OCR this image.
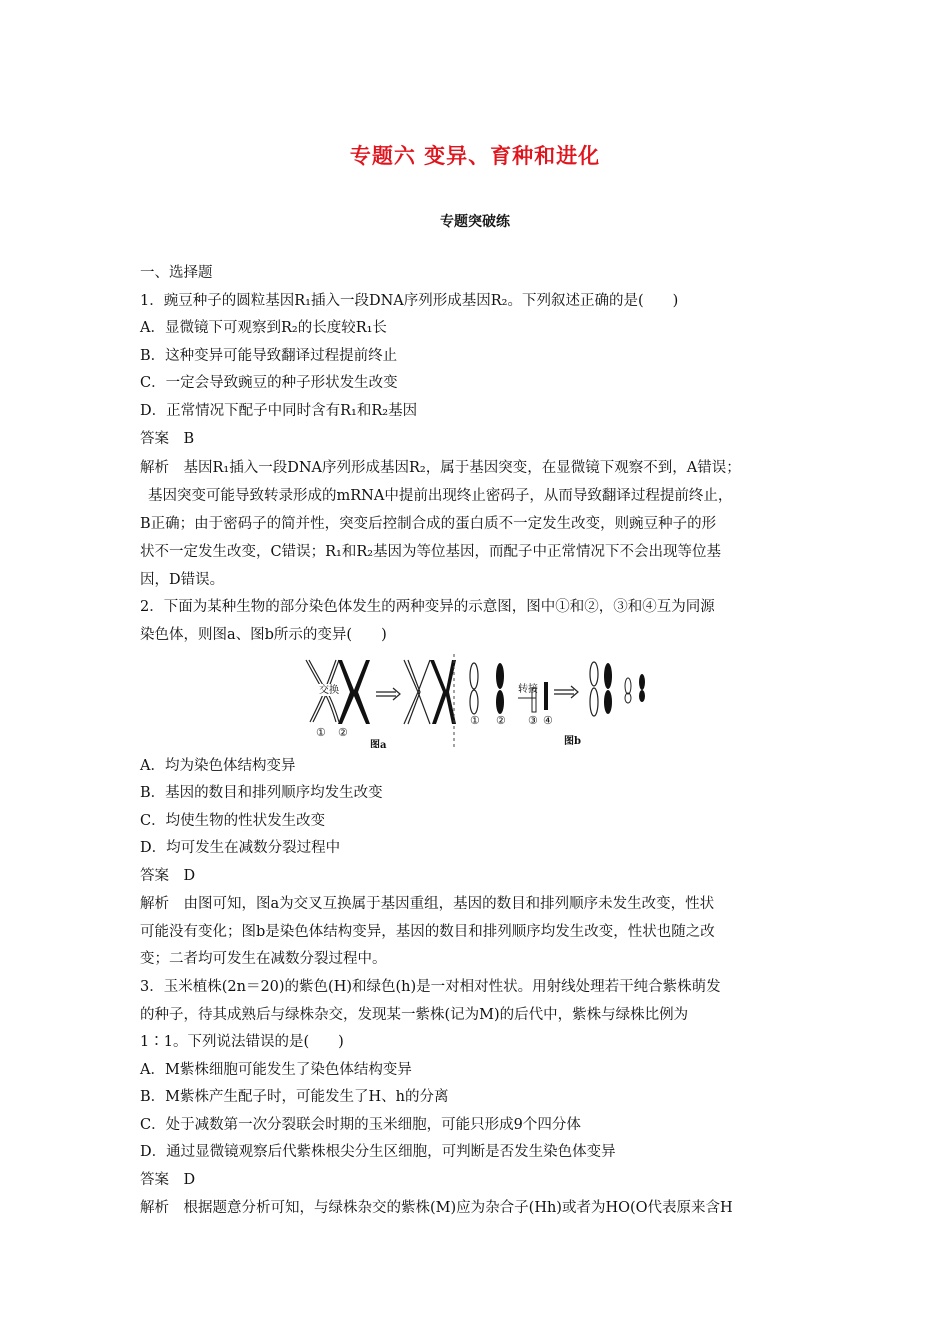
专题六 变异、育种和进化
专题突破练
一、选择题
1．豌豆种子的圆粒基因R₁插入一段DNA序列形成基因R₂。下列叙述正确的是(　　)
A．显微镜下可观察到R₂的长度较R₁长
B．这种变异可能导致翻译过程提前终止
C．一定会导致豌豆的种子形状发生改变
D．正常情况下配子中同时含有R₁和R₂基因
答案　B
解析　基因R₁插入一段DNA序列形成基因R₂，属于基因突变，在显微镜下观察不到，A错误；
基因突变可能导致转录形成的mRNA中提前出现终止密码子，从而导致翻译过程提前终止，
B正确；由于密码子的简并性，突变后控制合成的蛋白质不一定发生改变，则豌豆种子的形
状不一定发生改变，C错误；R₁和R₂基因为等位基因，而配子中正常情况下不会出现等位基
因，D错误。
2．下面为某种生物的部分染色体发生的两种变异的示意图，图中①和②，③和④互为同源
染色体，则图a、图b所示的变异(　　)
交换
① ②
图a
转接
① ② ③ ④
图b
A．均为染色体结构变异
B．基因的数目和排列顺序均发生改变
C．均使生物的性状发生改变
D．均可发生在减数分裂过程中
答案　D
解析　由图可知，图a为交叉互换属于基因重组，基因的数目和排列顺序未发生改变，性状
可能没有变化；图b是染色体结构变异，基因的数目和排列顺序均发生改变，性状也随之改
变；二者均可发生在减数分裂过程中。
3．玉米植株(2n＝20)的紫色(H)和绿色(h)是一对相对性状。用射线处理若干纯合紫株萌发
的种子，待其成熟后与绿株杂交，发现某一紫株(记为M)的后代中，紫株与绿株比例为
1∶1。下列说法错误的是(　　)
A．M紫株细胞可能发生了染色体结构变异
B．M紫株产生配子时，可能发生了H、h的分离
C．处于减数第一次分裂联会时期的玉米细胞，可能只形成9个四分体
D．通过显微镜观察后代紫株根尖分生区细胞，可判断是否发生染色体变异
答案　D
解析　根据题意分析可知，与绿株杂交的紫株(M)应为杂合子(Hh)或者为HO(O代表原来含H
